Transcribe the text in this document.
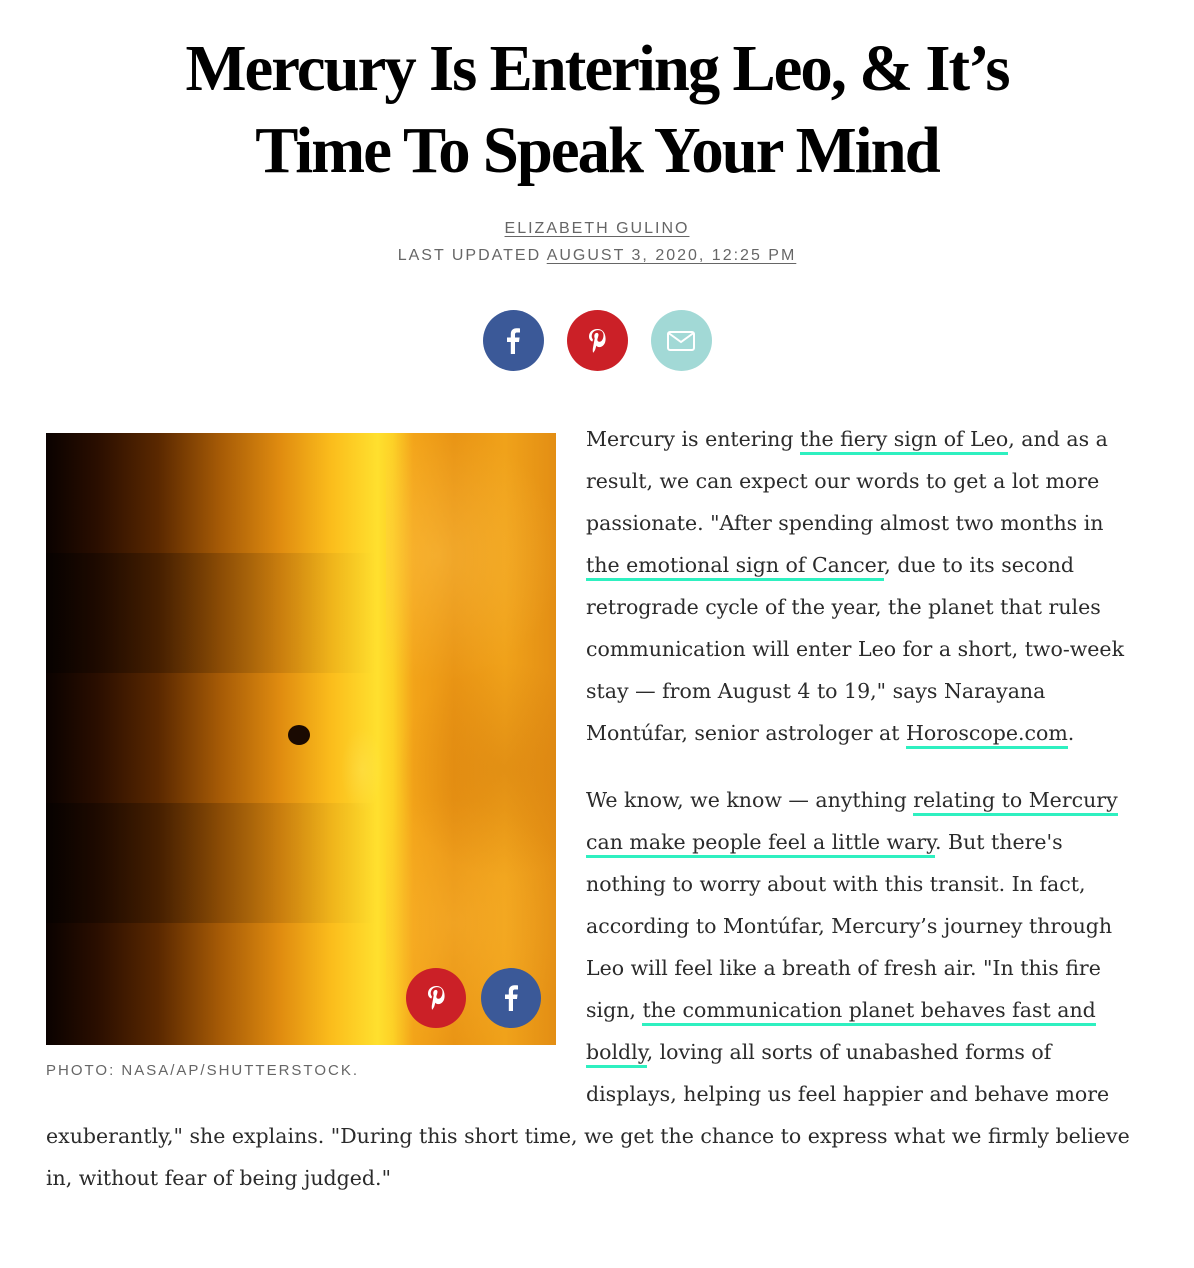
Mercury Is Entering Leo, & It’s
Time To Speak Your Mind
ELIZABETH GULINO
LAST UPDATED AUGUST 3, 2020, 12:25 PM
PHOTO: NASA/AP/SHUTTERSTOCK.

Mercury is entering the fiery sign of Leo, and as a result, we can expect our words to get a lot more passionate. "After spending almost two months in the emotional sign of Cancer, due to its second retrograde cycle of the year, the planet that rules communication will enter Leo for a short, two-week stay — from August 4 to 19," says Narayana Montúfar, senior astrologer at Horoscope.com.

We know, we know — anything relating to Mercury can make people feel a little wary. But there's nothing to worry about with this transit. In fact, according to Montúfar, Mercury’s journey through Leo will feel like a breath of fresh air. "In this fire sign, the communication planet behaves fast and boldly, loving all sorts of unabashed forms of displays, helping us feel happier and behave more exuberantly," she explains. "During this short time, we get the chance to express what we firmly believe in, without fear of being judged."
